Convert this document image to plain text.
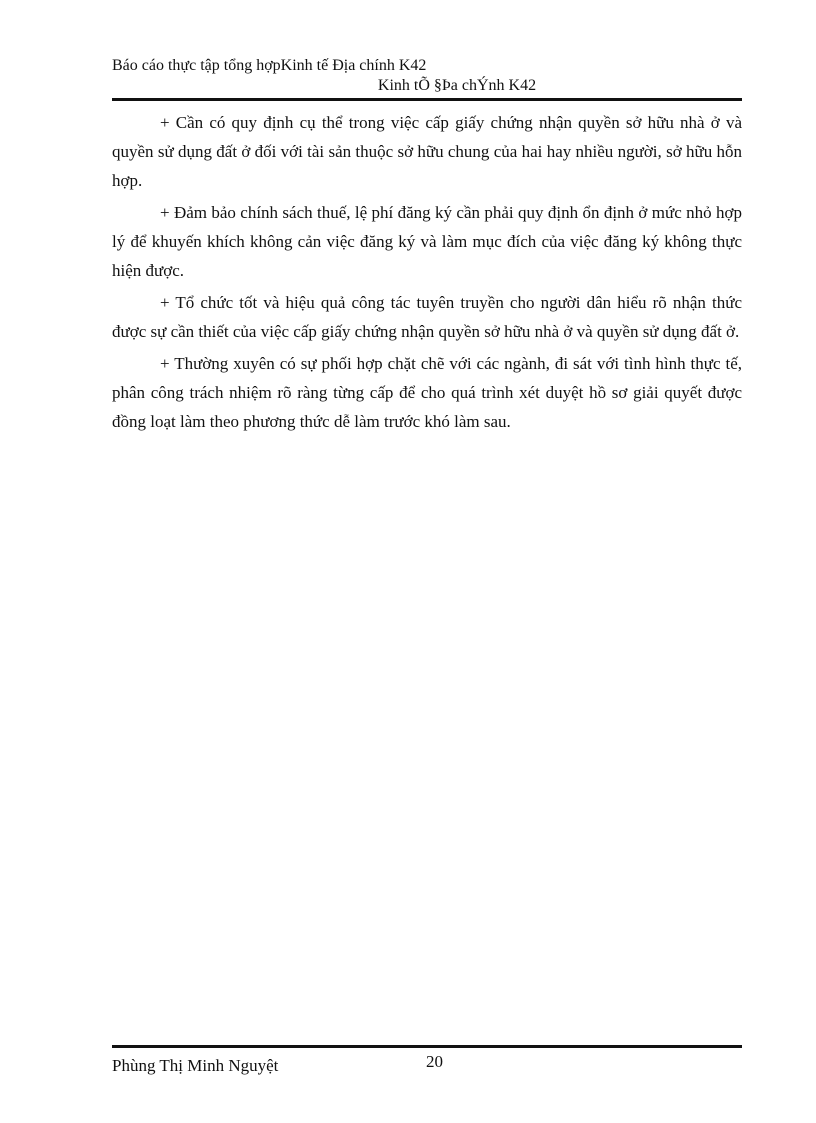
Báo cáo thực tập tổng hợpKinh tế Địa chính K42
Kinh tÕ §Þa chÝnh K42

+ Cần có quy định cụ thể trong việc cấp giấy chứng nhận quyền sở hữu nhà ở và quyền sử dụng đất ở đối với tài sản thuộc sở hữu chung của hai hay nhiều người, sở hữu hỗn hợp.

+ Đảm bảo chính sách thuế, lệ phí đăng ký cần phải quy định ổn định ở mức nhỏ hợp lý để khuyến khích không cản việc đăng ký và làm mục đích của việc đăng ký không thực hiện được.

+ Tổ chức tốt và hiệu quả công tác tuyên truyền cho người dân hiểu rõ nhận thức được sự cần thiết của việc cấp giấy chứng nhận quyền sở hữu nhà ở và quyền sử dụng đất ở.

+ Thường xuyên có sự phối hợp chặt chẽ với các ngành, đi sát với tình hình thực tế, phân công trách nhiệm rõ ràng từng cấp để cho quá trình xét duyệt hồ sơ giải quyết được đồng loạt làm theo phương thức dễ làm trước khó làm sau.

Phùng Thị Minh Nguyệt	20
